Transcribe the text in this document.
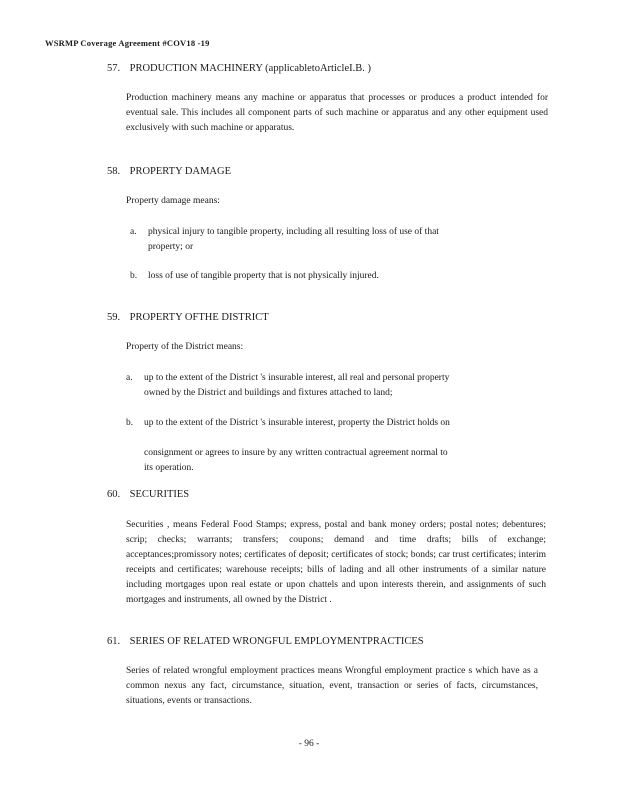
WSRMP Coverage Agreement #COV18 -19
57. PRODUCTION MACHINERY (applicabletoArticleI.B. )
Production machinery means any machine or apparatus that processes or produces a product intended for eventual sale. This includes all component parts of such machine or apparatus and any other equipment used exclusively with such machine or apparatus.
58. PROPERTY DAMAGE
Property damage means:
a. physical injury to tangible property, including all resulting loss of use of that
property; or
b. loss of use of tangible property that is not physically injured.
59. PROPERTY OFTHE DISTRICT
Property of the District means:
a. up to the extent of the District 's insurable interest, all real and personal property
owned by the District and buildings and fixtures attached to land;
b. up to the extent of the District 's insurable interest, property the District holds on
consignment or agrees to insure by any written contractual agreement normal to
its operation.
60. SECURITIES
Securities , means Federal Food Stamps; express, postal and bank money orders; postal notes; debentures; scrip; checks; warrants; transfers; coupons; demand and time drafts; bills of exchange; acceptances;promissory notes; certificates of deposit; certificates of stock; bonds; car trust certificates; interim receipts and certificates; warehouse receipts; bills of lading and all other instruments of a similar nature including mortgages upon real estate or upon chattels and upon interests therein, and assignments of such mortgages and instruments, all owned by the District .
61. SERIES OF RELATED WRONGFUL EMPLOYMENTPRACTICES
Series of related wrongful employment practices means Wrongful employment practice s which have as a common nexus any fact, circumstance, situation, event, transaction or series of facts, circumstances, situations, events or transactions.
- 96 -
